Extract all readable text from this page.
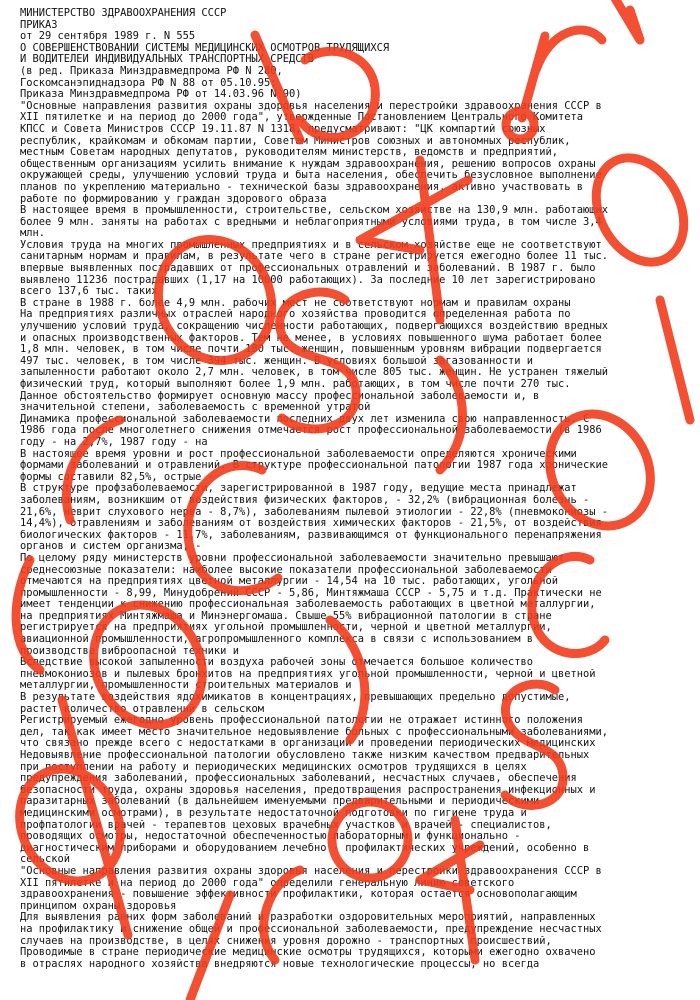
МИНИСТЕРСТВО ЗДРАВООХРАНЕНИЯ СССР
ПРИКАЗ
от 29 сентября 1989 г. N 555
О СОВЕРШЕНСТВОВАНИИ СИСТЕМЫ МЕДИЦИНСКИХ ОСМОТРОВ ТРУДЯЩИХСЯ
И ВОДИТЕЛЕЙ ИНДИВИДУАЛЬНЫХ ТРАНСПОРТНЫХ СРЕДСТВ
(в ред. Приказа Минздравмедпрома РФ N 280,
Госкомсанэпиднадзора РФ N 88 от 05.10.95;
Приказа Минздравмедпрома РФ от 14.03.96 N 90)
"Основные направления развития охраны здоровья населения и перестройки здравоохранения СССР в
XII пятилетке и на период до 2000 года", утвержденные Постановлением Центрального Комитета
КПСС и Совета Министров СССР 19.11.87 N 1318, предусматривают: "ЦК компартий союзных
республик, крайкомам и обкомам партии, Советам Министров союзных и автономных республик,
местным Советам народных депутатов, руководителям министерств, ведомств и предприятий,
общественным организациям усилить внимание к нуждам здравоохранения, решению вопросов охраны
окружающей среды, улучшению условий труда и быта населения, обеспечить безусловное выполнение
планов по укреплению материально - технической базы здравоохранения, активно участвовать в
работе по формированию у граждан здорового образа
В настоящее время в промышленности, строительстве, сельском хозяйстве на 130,9 млн. работающих
более 9 млн. заняты на работах с вредными и неблагоприятными условиями труда, в том числе 3,4
млн.
Условия труда на многих промышленных предприятиях и в сельском хозяйстве еще не соответствуют
санитарным нормам и правилам, в результате чего в стране регистрируется ежегодно более 11 тыс.
впервые выявленных пострадавших от профессиональных отравлений и заболеваний. В 1987 г. было
выявлено 11236 пострадавших (1,17 на 10000 работающих). За последние 10 лет зарегистрировано
всего 137,6 тыс. таких
В стране в 1988 г. более 4,9 млн. рабочих мест не соответствуют нормам и правилам охраны
На предприятиях различных отраслей народного хозяйства проводится определенная работа по
улучшению условий труда, сокращению численности работающих, подвергающихся воздействию вредных
и опасных производственных факторов. Тем не менее, в условиях повышенного шума работает более
1,8 млн. человек, в том числе почти 180 тыс. женщин, повышенным уровням вибрации подвергается
497 тыс. человек, в том числе 394 тыс. женщин. В условиях большой загазованности и
запыленности работают около 2,7 млн. человек, в том числе 805 тыс. женщин. Не устранен тяжелый
физический труд, который выполняют более 1,9 млн. работающих, в том числе почти 270 тыс.
Данное обстоятельство формирует основную массу профессиональной заболеваемости и, в
значительной степени, заболеваемость с временной утратой
Динамика профессиональной заболеваемости последних двух лет изменила свою направленность. С
1986 года после многолетнего снижения отмечается рост профессиональной заболеваемости (в 1986
году - на 2,7%, 1987 году - на
В настоящее время уровни и рост профессиональной заболеваемости определяются хроническими
формами заболеваний и отравлений. В структуре профессиональной патологии 1987 года хронические
формы составили 82,5%, острые -
В структуре профзаболеваемости, зарегистрированной в 1987 году, ведущие места принадлежат
заболеваниям, возникшим от воздействия физических факторов, - 32,2% (вибрационная болезнь -
21,6%, неврит слухового нерва - 8,7%), заболеваниям пылевой этиологии - 22,8% (пневмокониозы -
14,4%), отравлениям и заболеваниям от воздействия химических факторов - 21,5%, от воздействия
биологических факторов - 11,7%, заболеваниям, развивающимся от функционального перенапряжения
органов и систем организма, -
По целому ряду министерств уровни профессиональной заболеваемости значительно превышают
среднесоюзные показатели: наиболее высокие показатели профессиональной заболеваемости
отмечаются на предприятиях цветной металлургии - 14,54 на 10 тыс. работающих, угольной
промышленности - 8,99, Минудобрений СССР - 5,86, Минтяжмаша СССР - 5,75 и т.д. Практически не
имеет тенденции к снижению профессиональная заболеваемость работающих в цветной металлургии,
на предприятиях Минтяжмаша и Минэнергомаша. Свыше 55% вибрационной патологии в стране
регистрируется на предприятиях угольной промышленности, черной и цветной металлургии,
авиационной промышленности, агропромышленного комплекса в связи с использованием в
производстве виброопасной техники и
Вследствие высокой запыленности воздуха рабочей зоны отмечается большое количество
пневмокониозов и пылевых бронхитов на предприятиях угольной промышленности, черной и цветной
металлургии, промышленности строительных материалов и
В результате воздействия ядохимикатов в концентрациях, превышающих предельно допустимые,
растет количество отравлений в сельском
Регистрируемый ежегодно уровень профессиональной патологии не отражает истинного положения
дел, так как имеет место значительное недовыявление больных с профессиональными заболеваниями,
что связано прежде всего с недостатками в организации и проведении периодических медицинских
Недовыявление профессиональной патологии обусловлено также низким качеством предварительных
при поступлении на работу и периодических медицинских осмотров трудящихся в целях
предупреждения заболеваний, профессиональных заболеваний, несчастных случаев, обеспечения
безопасности труда, охраны здоровья населения, предотвращения распространения инфекционных и
паразитарных заболеваний (в дальнейшем именуемыми предварительными и периодическими
медицинскими осмотрами), в результате недостаточной подготовки по гигиене труда и
профпатологии врачей - терапевтов цеховых врачебных участков и врачей - специалистов,
проводящих осмотры, недостаточной обеспеченностью лабораторным и функционально -
диагностическим приборами и оборудованием лечебно - профилактических учреждений, особенно в
сельской
"Основные направления развития охраны здоровья населения и перестройки здравоохранения СССР в
XII пятилетке и на период до 2000 года" определили генеральную линию советского
здравоохранения - повышение эффективности профилактики, которая остается основополагающим
принципом охраны здоровья
Для выявления ранних форм заболеваний и разработки оздоровительных мероприятий, направленных
на профилактику и снижение общей и профессиональной заболеваемости, предупреждение несчастных
случаев на производстве, в целях снижения уровня дорожно - транспортных происшествий,
Проводимые в стране периодические медицинские осмотры трудящихся, которыми ежегодно охвачено
в отраслях народного хозяйства внедряются новые технологические процессы, но всегда
